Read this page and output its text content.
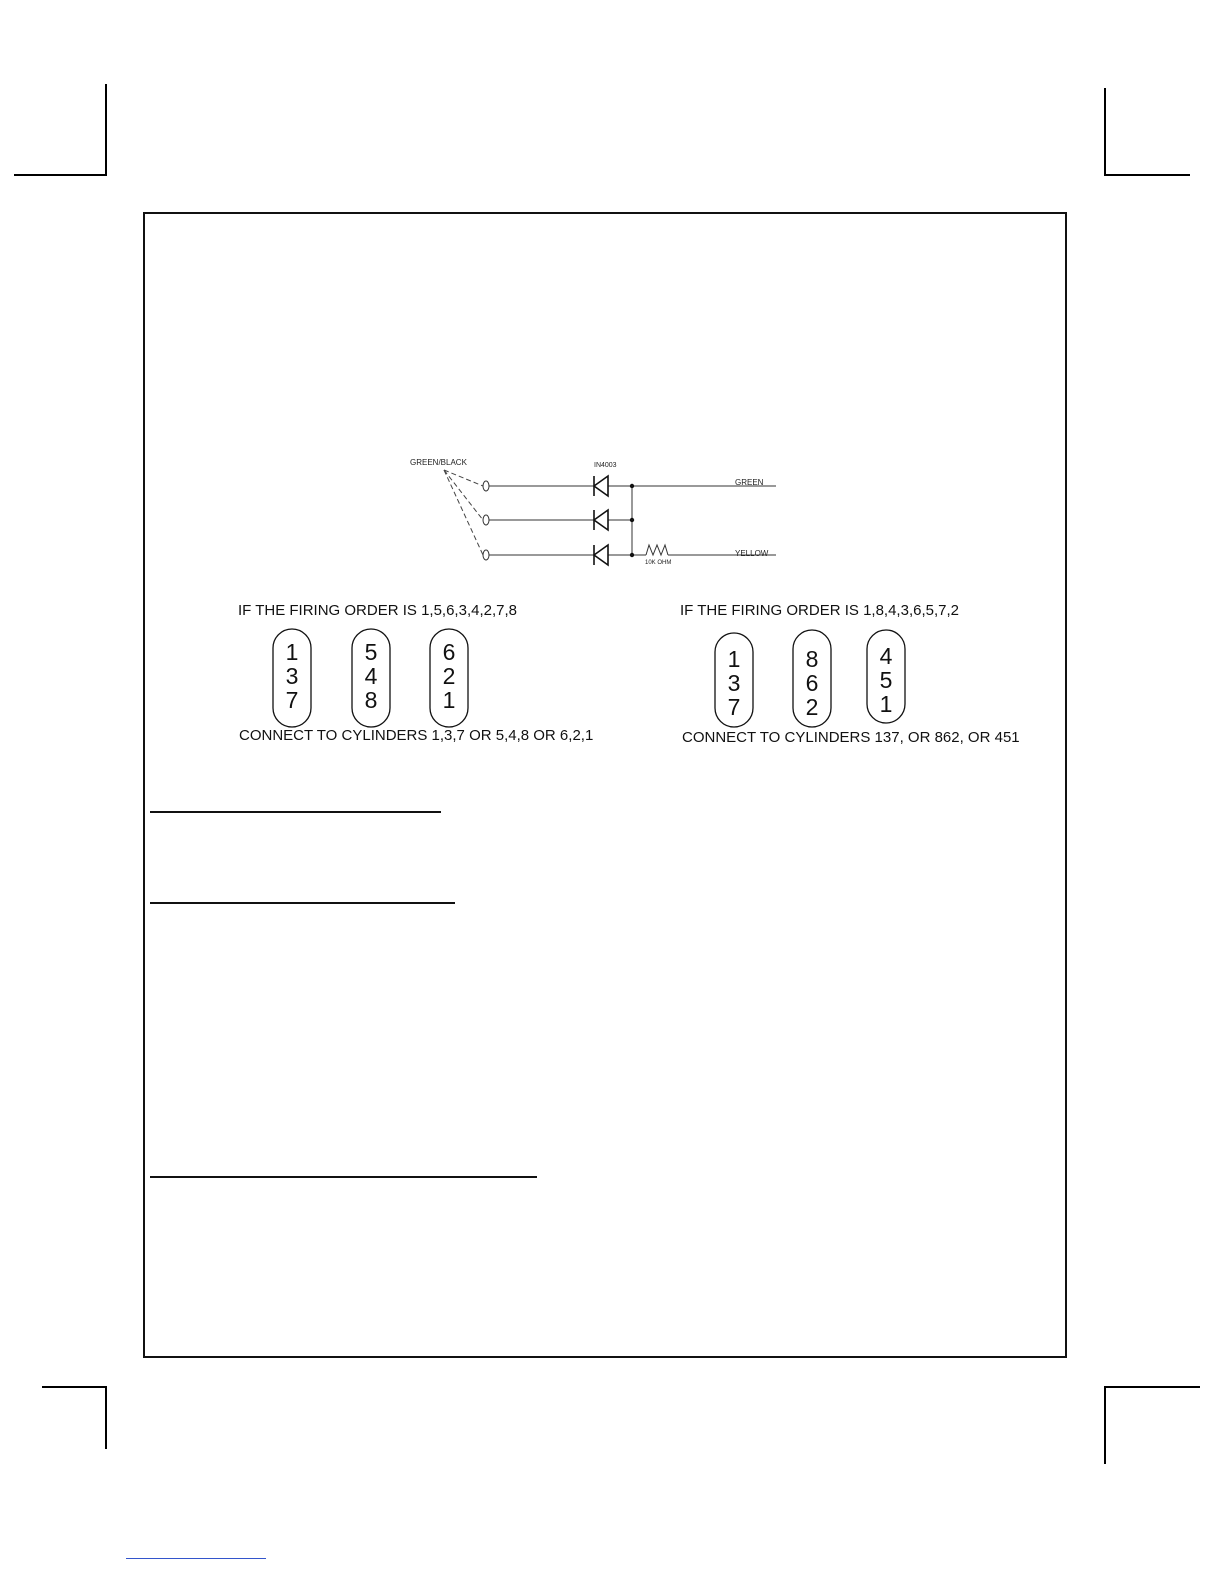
GREEN/BLACK	IN4003
10K OHM
GREEN
YELLOW
IF THE FIRING ORDER IS 1,5,6,3,4,2,7,8
1
3
7
5
4
8
6
2
1
CONNECT TO CYLINDERS 1,3,7 OR 5,4,8 OR 6,2,1
IF THE FIRING ORDER IS 1,8,4,3,6,5,7,2
1
3
7
8
6
2
4
5
1
CONNECT TO CYLINDERS 137, OR 862, OR 451
